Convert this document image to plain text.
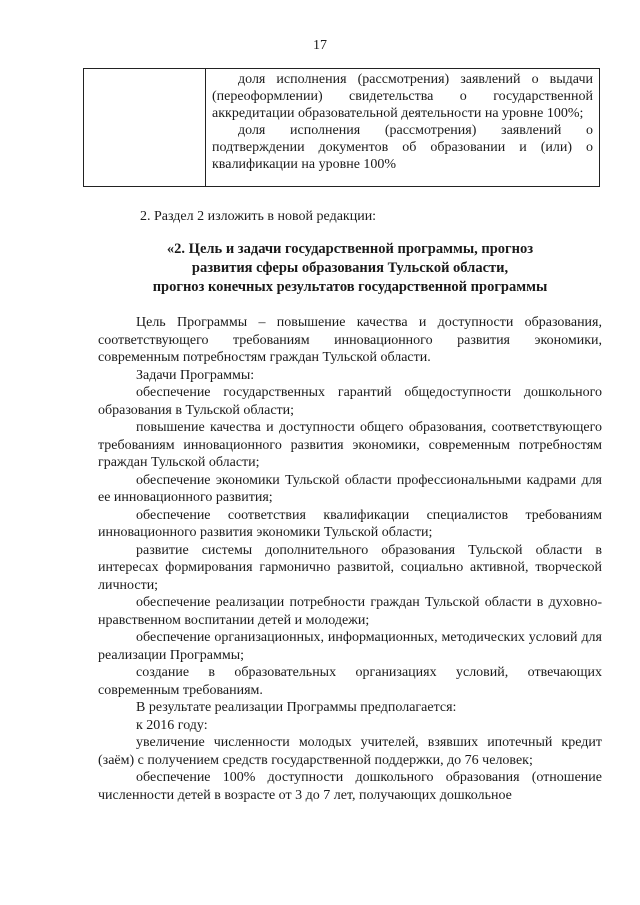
17

доля исполнения (рассмотрения) заявлений о выдачи (переоформлении) свидетельства о государственной аккредитации образовательной деятельности на уровне 100%;

доля исполнения (рассмотрения) заявлений о подтверждении документов об образовании и (или) о квалификации на уровне 100%

2. Раздел 2 изложить в новой редакции:

«2. Цель и задачи государственной программы, прогноз
развития сферы образования Тульской области,
прогноз конечных результатов государственной программы

Цель Программы – повышение качества и доступности образования, соответствующего требованиям инновационного развития экономики, современным потребностям граждан Тульской области.

Задачи Программы:

обеспечение государственных гарантий общедоступности дошкольного образования в Тульской области;

повышение качества и доступности общего образования, соответствующего требованиям инновационного развития экономики, современным потребностям граждан Тульской области;

обеспечение экономики Тульской области профессиональными кадрами для ее инновационного развития;

обеспечение соответствия квалификации специалистов требованиям инновационного развития экономики Тульской области;

развитие системы дополнительного образования Тульской области в интересах формирования гармонично развитой, социально активной, творческой личности;

обеспечение реализации потребности граждан Тульской области в духовно-нравственном воспитании детей и молодежи;

обеспечение организационных, информационных, методических условий для реализации Программы;

создание в образовательных организациях условий, отвечающих современным требованиям.

В результате реализации Программы предполагается:

к 2016 году:

увеличение численности молодых учителей, взявших ипотечный кредит (заём) с получением средств государственной поддержки, до 76 человек;

обеспечение 100% доступности дошкольного образования (отношение численности детей в возрасте от 3 до 7 лет, получающих дошкольное
